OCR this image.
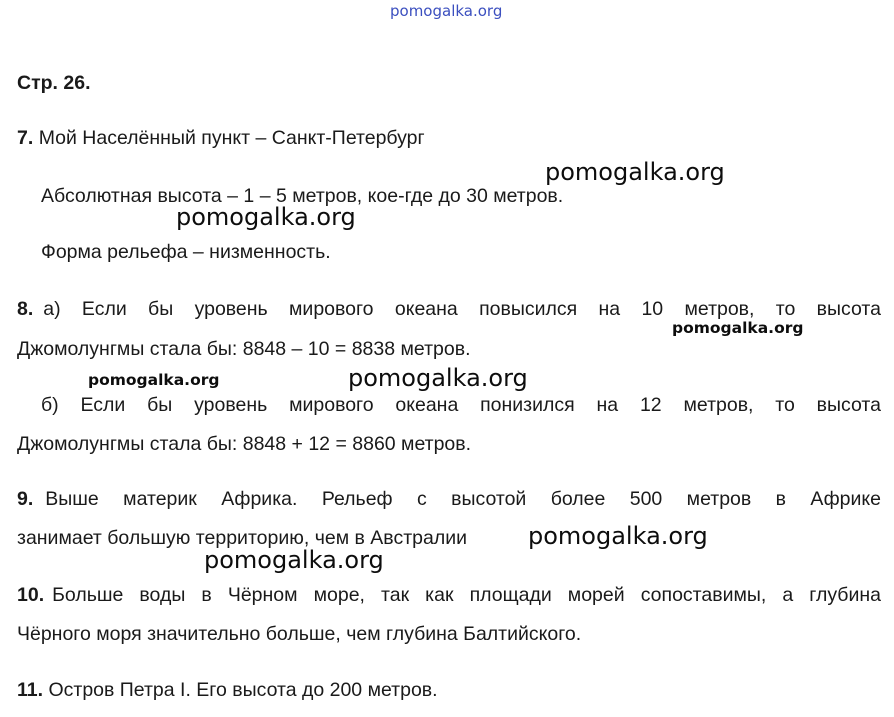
pomogalka.org
Стр. 26.
7. Мой Населённый пункт – Санкт-Петербург
Абсолютная высота – 1 – 5 метров, кое-где до 30 метров.
Форма рельефа – низменность.
8. а) Если бы уровень мирового океана повысился на 10 метров, то высота
Джомолунгмы стала бы: 8848 – 10 = 8838 метров.
б) Если бы уровень мирового океана понизился на 12 метров, то высота
Джомолунгмы стала бы: 8848 + 12 = 8860 метров.
9. Выше материк Африка. Рельеф с высотой более 500 метров в Африке
занимает большую территорию, чем в Австралии
10. Больше воды в Чёрном море, так как площади морей сопоставимы, а глубина
Чёрного моря значительно больше, чем глубина Балтийского.
11. Остров Петра I. Его высота до 200 метров.
pomogalka.org
pomogalka.org
pomogalka.org
pomogalka.org	pomogalka.org
pomogalka.org
pomogalka.org
